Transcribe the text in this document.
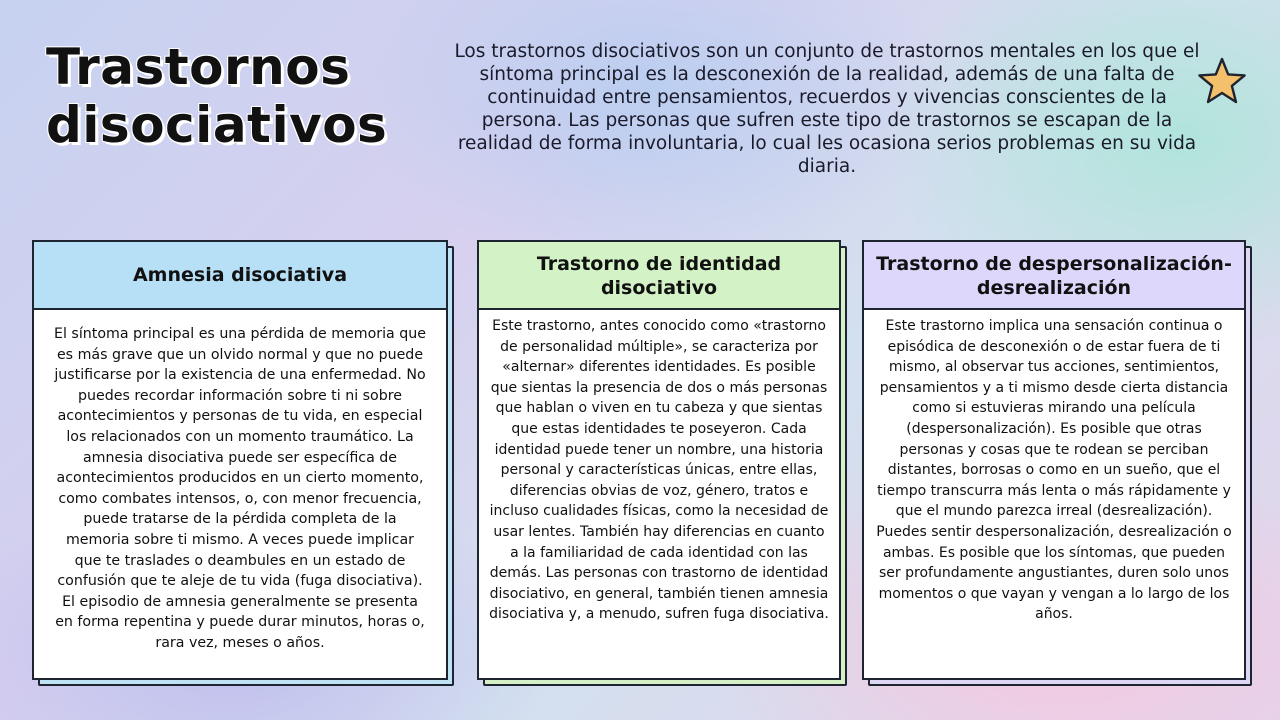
Trastornos
disociativos

Los trastornos disociativos son un conjunto de trastornos mentales en los que el síntoma principal es la desconexión de la realidad, además de una falta de continuidad entre pensamientos, recuerdos y vivencias conscientes de la persona. Las personas que sufren este tipo de trastornos se escapan de la realidad de forma involuntaria, lo cual les ocasiona serios problemas en su vida diaria.

Amnesia disociativa

El síntoma principal es una pérdida de memoria que es más grave que un olvido normal y que no puede justificarse por la existencia de una enfermedad. No puedes recordar información sobre ti ni sobre acontecimientos y personas de tu vida, en especial los relacionados con un momento traumático. La amnesia disociativa puede ser específica de acontecimientos producidos en un cierto momento, como combates intensos, o, con menor frecuencia, puede tratarse de la pérdida completa de la memoria sobre ti mismo. A veces puede implicar que te traslades o deambules en un estado de confusión que te aleje de tu vida (fuga disociativa). El episodio de amnesia generalmente se presenta en forma repentina y puede durar minutos, horas o, rara vez, meses o años.

Trastorno de identidad disociativo

Este trastorno, antes conocido como «trastorno de personalidad múltiple», se caracteriza por «alternar» diferentes identidades. Es posible que sientas la presencia de dos o más personas que hablan o viven en tu cabeza y que sientas que estas identidades te poseyeron. Cada identidad puede tener un nombre, una historia personal y características únicas, entre ellas, diferencias obvias de voz, género, tratos e incluso cualidades físicas, como la necesidad de usar lentes. También hay diferencias en cuanto a la familiaridad de cada identidad con las demás. Las personas con trastorno de identidad disociativo, en general, también tienen amnesia disociativa y, a menudo, sufren fuga disociativa.

Trastorno de despersonalización-desrealización

Este trastorno implica una sensación continua o episódica de desconexión o de estar fuera de ti mismo, al observar tus acciones, sentimientos, pensamientos y a ti mismo desde cierta distancia como si estuvieras mirando una película (despersonalización). Es posible que otras personas y cosas que te rodean se perciban distantes, borrosas o como en un sueño, que el tiempo transcurra más lenta o más rápidamente y que el mundo parezca irreal (desrealización). Puedes sentir despersonalización, desrealización o ambas. Es posible que los síntomas, que pueden ser profundamente angustiantes, duren solo unos momentos o que vayan y vengan a lo largo de los años.
